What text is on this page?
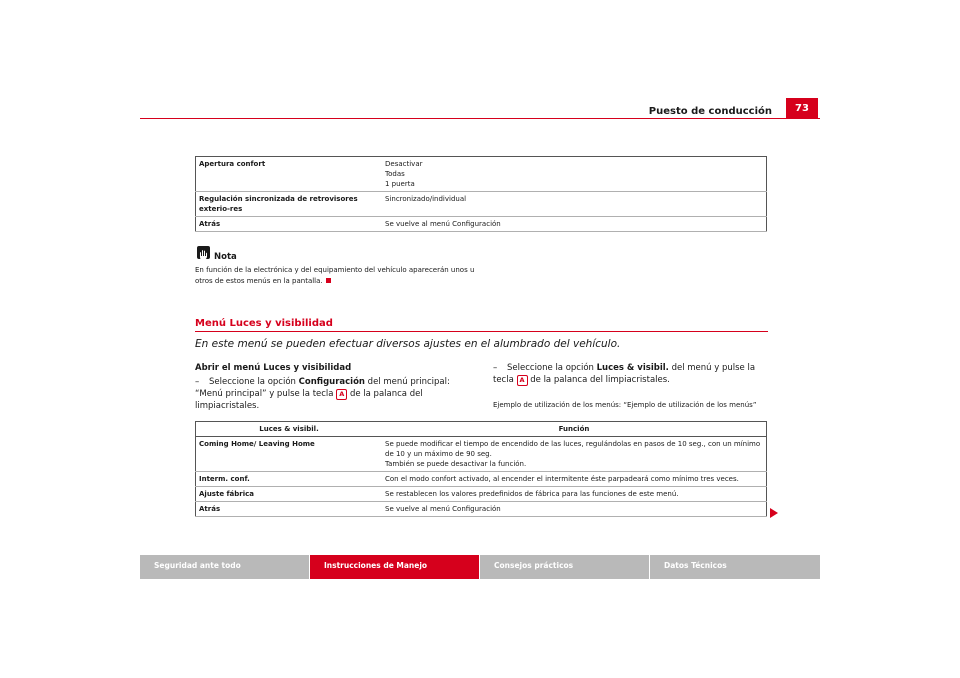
Puesto de conducción	73
Apertura confort	Desactivar
Todas
1 puerta

Regulación sincronizada de retrovisores exterio-res	Sincronizado/individual

Atrás	Se vuelve al menú Configuración
Nota
En función de la electrónica y del equipamiento del vehículo aparecerán unos u otros de estos menús en la pantalla.
Menú Luces y visibilidad
En este menú se pueden efectuar diversos ajustes en el alumbrado del vehículo.
Abrir el menú Luces y visibilidad
– Seleccione la opción Configuración del menú principal: “Menú principal” y pulse la tecla A de la palanca del limpiacristales.
– Seleccione la opción Luces & visibil. del menú y pulse la tecla A de la palanca del limpiacristales.
Ejemplo de utilización de los menús: “Ejemplo de utilización de los menús”
Luces & visibil.	Función
Coming Home/ Leaving Home	Se puede modificar el tiempo de encendido de las luces, regulándolas en pasos de 10 seg., con un mínimo de 10 y un máximo de 90 seg.
También se puede desactivar la función.

Interm. conf.	Con el modo confort activado, al encender el intermitente éste parpadeará como mínimo tres veces.

Ajuste fábrica	Se restablecen los valores predefinidos de fábrica para las funciones de este menú.

Atrás	Se vuelve al menú Configuración
Seguridad ante todo	Instrucciones de Manejo	Consejos prácticos	Datos Técnicos
